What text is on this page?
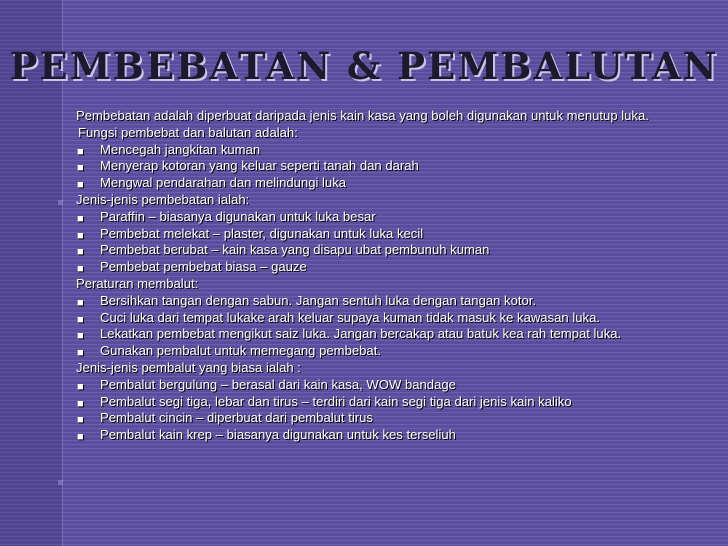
PEMBEBATAN & PEMBALUTAN
Pembebatan adalah diperbuat daripada jenis kain kasa yang boleh digunakan untuk menutup luka.
Fungsi pembebat dan balutan adalah:
■ Mencegah jangkitan kuman
■ Menyerap kotoran yang keluar seperti tanah dan darah
■ Mengwal pendarahan dan melindungi luka
Jenis-jenis pembebatan ialah:
■ Paraffin – biasanya digunakan untuk luka besar
■ Pembebat melekat – plaster, digunakan untuk luka kecil
■ Pembebat berubat – kain kasa yang disapu ubat pembunuh kuman
■ Pembebat pembebat biasa – gauze
Peraturan membalut:
■ Bersihkan tangan dengan sabun. Jangan sentuh luka dengan tangan kotor.
■ Cuci luka dari tempat lukake arah keluar supaya kuman tidak masuk ke kawasan luka.
■ Lekatkan pembebat mengikut saiz luka. Jangan bercakap atau batuk kea rah tempat luka.
■ Gunakan pembalut untuk memegang pembebat.
Jenis-jenis pembalut yang biasa ialah :
■ Pembalut bergulung – berasal dari kain kasa, WOW bandage
■ Pembalut segi tiga, lebar dan tirus – terdiri dari kain segi tiga dari jenis kain kaliko
■ Pembalut cincin – diperbuat dari pembalut tirus
■ Pembalut kain krep – biasanya digunakan untuk kes terseliuh
